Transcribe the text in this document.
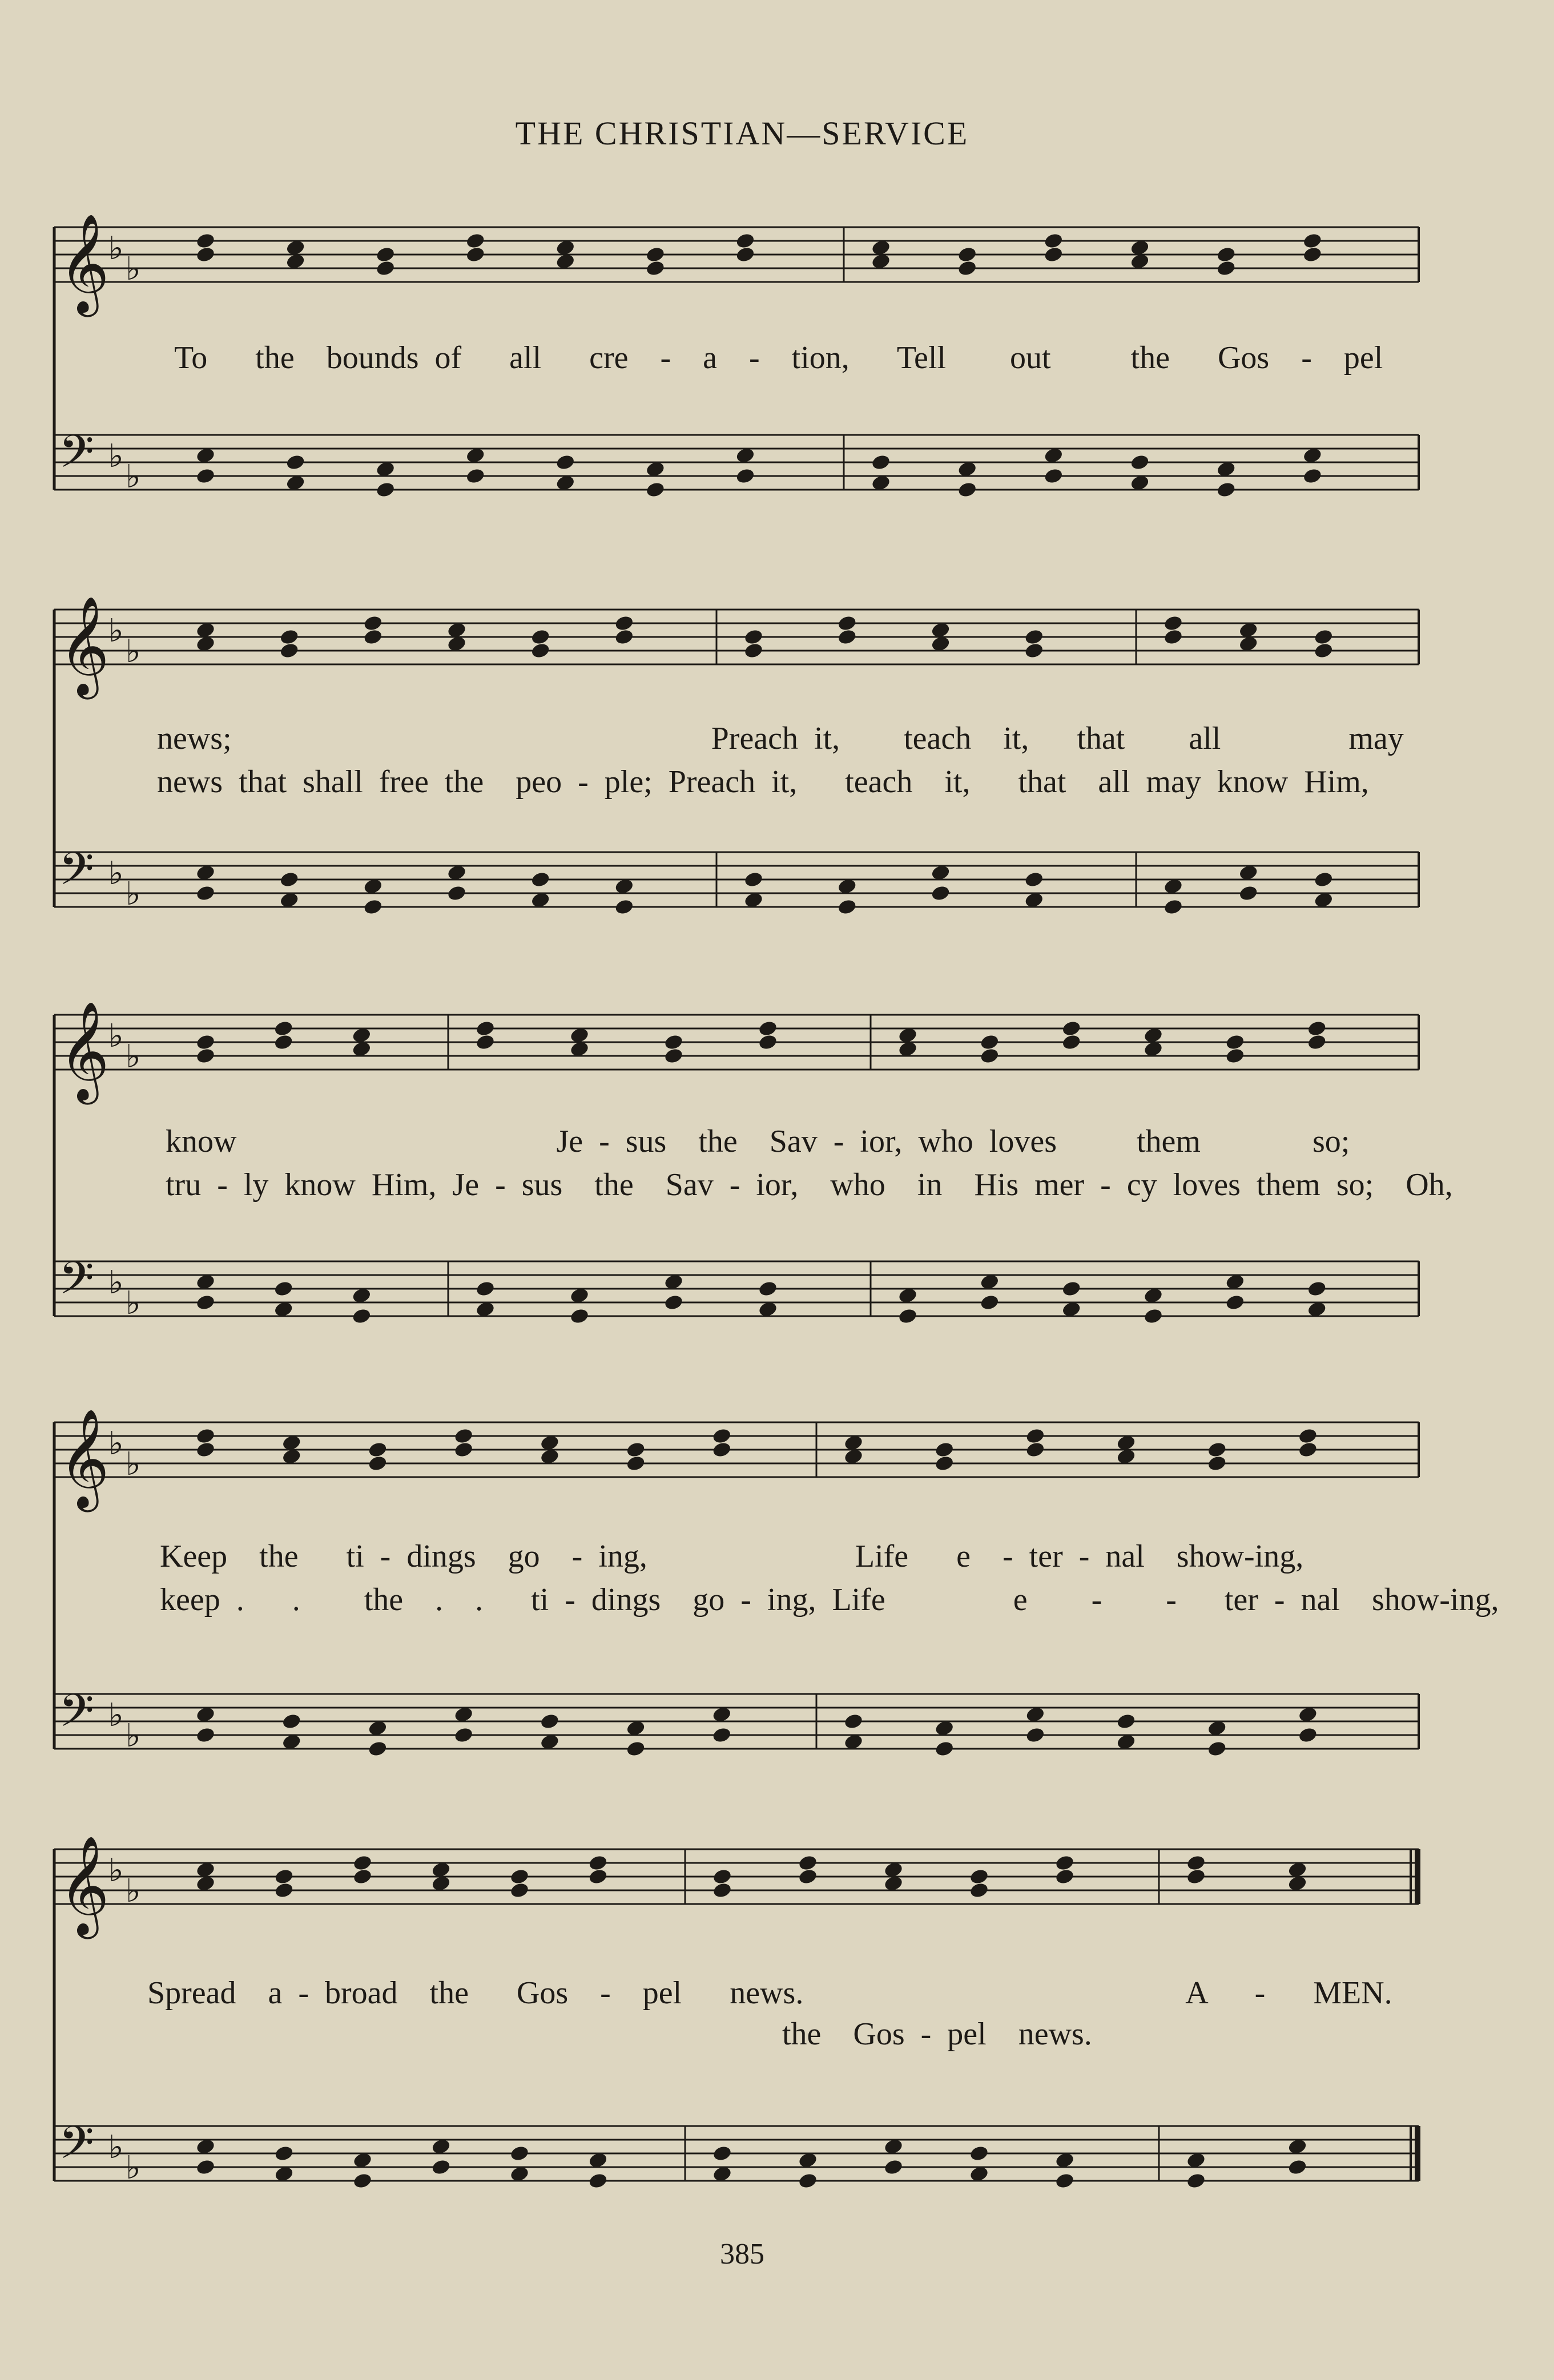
THE CHRISTIAN—SERVICE
𝄞
♭
♭
𝄢 ♭
♭
𝄞
♭
♭
𝄢 ♭
♭
𝄞
♭
♭
𝄢 ♭
♭
𝄞
♭
♭
𝄢 ♭
♭
𝄞
♭
♭
𝄢 ♭
♭
To   the  bounds of   all   cre  -  a  -  tion,   Tell    out     the   Gos  -  pel
news;                              Preach it,    teach  it,   that    all        may
news that shall free the  peo - ple; Preach it,   teach  it,   that  all may know Him,
know                    Je - sus  the  Sav - ior, who loves     them       so;
tru - ly know Him, Je - sus  the  Sav - ior,  who  in  His mer - cy loves them so;  Oh,
Keep  the   ti - dings  go  - ing,             Life   e  - ter - nal  show-ing,
keep .   .    the  .  .   ti - dings  go - ing, Life        e    -    -   ter - nal  show-ing,
Spread  a - broad  the   Gos  -  pel   news.                        A   -   MEN.
the  Gos - pel  news.
385
